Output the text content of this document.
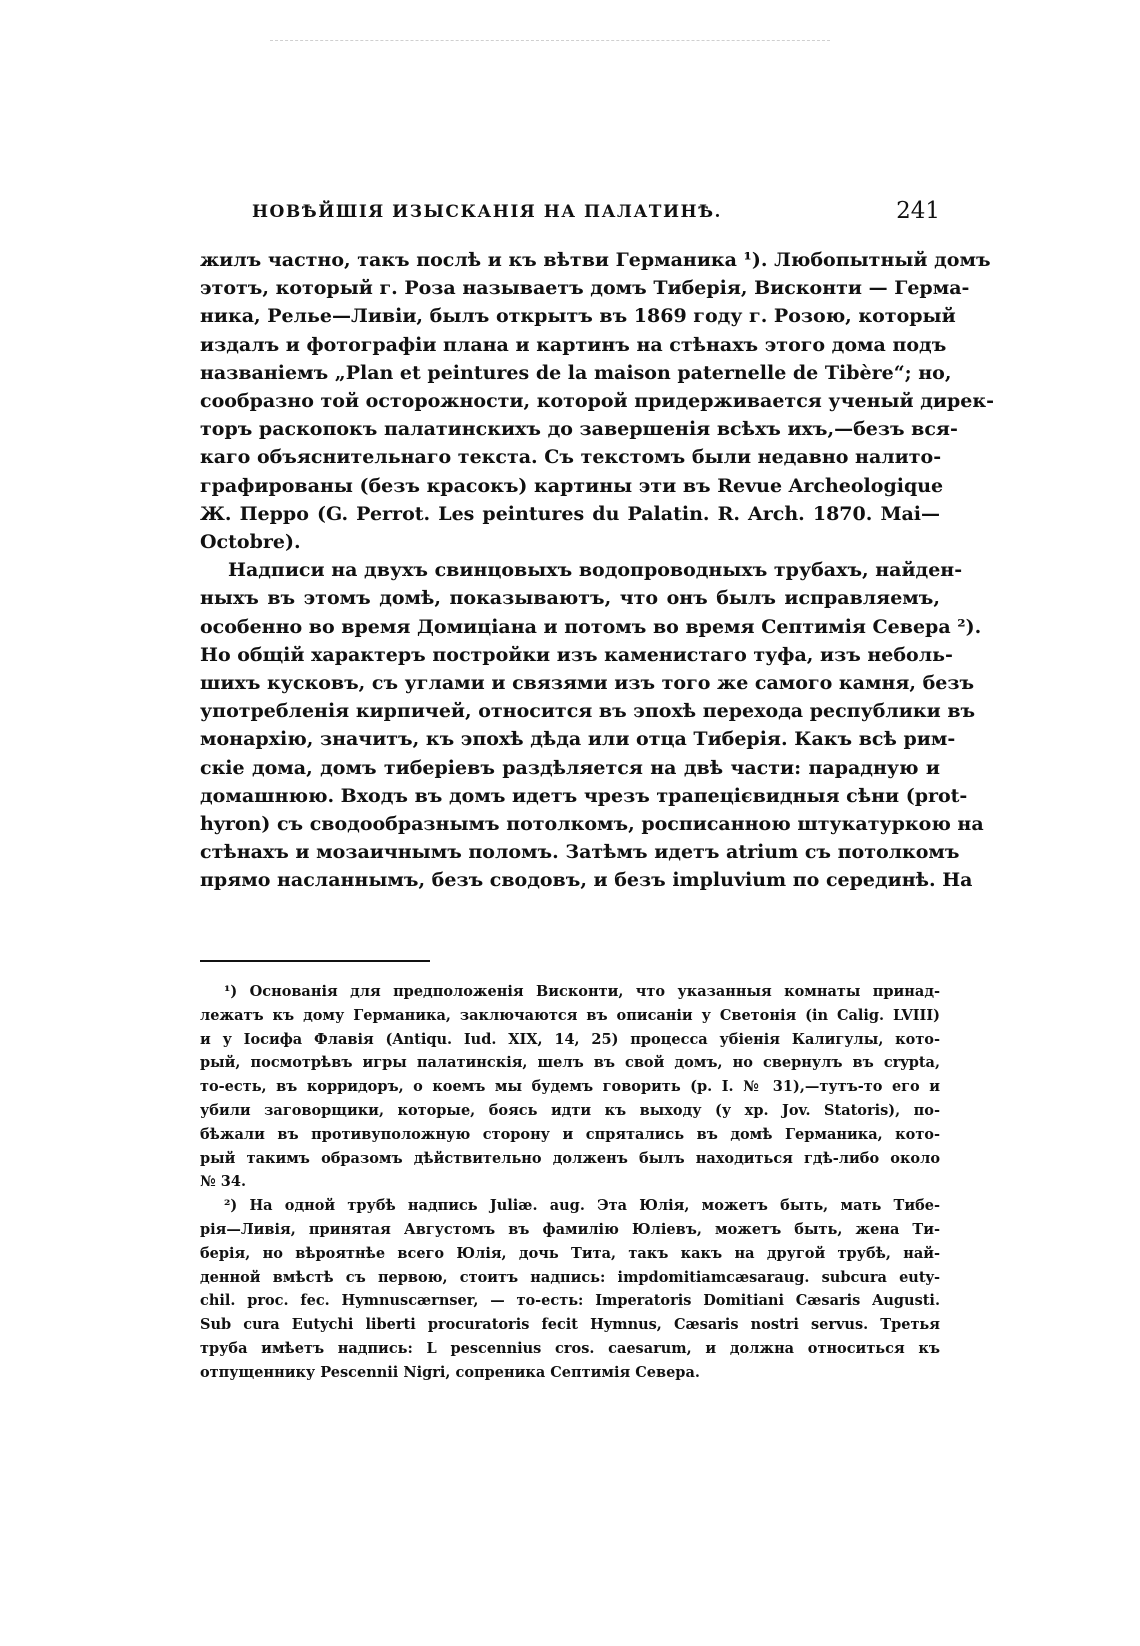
НОВѢЙШІЯ ИЗЫСКАНІЯ НА ПАЛАТИНѢ.	241

жилъ частно, такъ послѣ и къ вѣтви Германика ¹). Любопытный домъ
этотъ, который г. Роза называетъ домъ Тиберія, Висконти — Герма-
ника, Релье—Ливіи, былъ открытъ въ 1869 году г. Розою, который
издалъ и фотографіи плана и картинъ на стѣнахъ этого дома подъ
названіемъ „Plan et peintures de la maison paternelle de Tibère“; но,
сообразно той осторожности, которой придерживается ученый дирек-
торъ раскопокъ палатинскихъ до завершенія всѣхъ ихъ,—безъ вся-
каго объяснительнаго текста. Съ текстомъ были недавно налито-
графированы (безъ красокъ) картины эти въ Revue Archeologique
Ж. Перро (G. Perrot. Les peintures du Palatin. R. Arch. 1870. Mai—
Octobre).

Надписи на двухъ свинцовыхъ водопроводныхъ трубахъ, найден-
ныхъ въ этомъ домѣ, показываютъ, что онъ былъ исправляемъ,
особенно во время Домиціана и потомъ во время Септимія Севера ²).
Но общій характеръ постройки изъ каменистаго туфа, изъ неболь-
шихъ кусковъ, съ углами и связями изъ того же самого камня, безъ
употребленія кирпичей, относится въ эпохѣ перехода республики въ
монархію, значитъ, къ эпохѣ дѣда или отца Тиберія. Какъ всѣ рим-
скіе дома, домъ тиберіевъ раздѣляется на двѣ части: парадную и
домашнюю. Входъ въ домъ идетъ чрезъ трапецієвидныя сѣни (prot-
hyron) съ сводообразнымъ потолкомъ, росписанною штукатуркою на
стѣнахъ и мозаичнымъ поломъ. Затѣмъ идетъ atrium съ потолкомъ
прямо насланнымъ, безъ сводовъ, и безъ impluvium по серединѣ. На

¹) Основанія для предположенія Висконти, что указанныя комнаты принад-
лежатъ къ дому Германика, заключаются въ описаніи у Светонія (in Calig. LVIII)
и у Іосифа Флавія (Antiqu. Iud. XIX, 14, 25) процесса убіенія Калигулы, кото-
рый, посмотрѣвъ игры палатинскія, шелъ въ свой домъ, но свернулъ въ crypta,
то-есть, въ корридоръ, о коемъ мы будемъ говорить (р. I. № 31),—тутъ-то его и
убили заговорщики, которые, боясь идти къ выходу (у хр. Jov. Statoris), по-
бѣжали въ противуположную сторону и спрятались въ домѣ Германика, кото-
рый такимъ образомъ дѣйствительно долженъ былъ находиться гдѣ-либо около
№ 34.
²) На одной трубѣ надпись Juliæ. aug. Эта Юлія, можетъ быть, мать Тибе-
рія—Ливія, принятая Августомъ въ фамилію Юліевъ, можетъ быть, жена Ти-
берія, но вѣроятнѣе всего Юлія, дочь Тита, такъ какъ на другой трубѣ, най-
денной вмѣстѣ съ первою, стоитъ надпись: impdomitiamcæsaraug. subcura euty-
chil. proc. fec. Hymnuscærnser, — то-есть: Imperatoris Domitiani Cæsaris Augusti.
Sub cura Eutychi liberti procuratoris fecit Hymnus, Cæsaris nostri servus. Третья
труба имѣетъ надпись: L pescennius cros. caesarum, и должна относиться къ
отпущеннику Pescennii Nigri, сопреника Септимія Севера.
